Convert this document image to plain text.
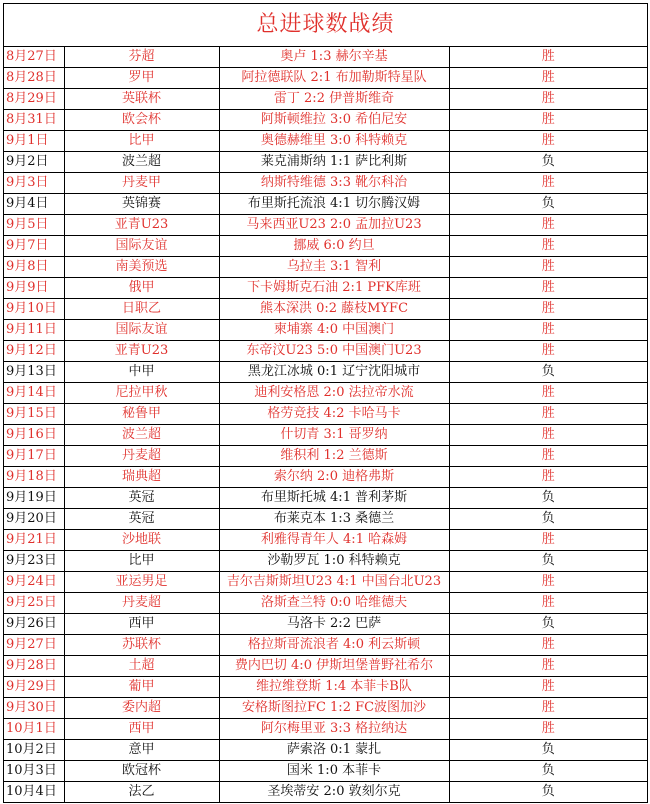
总进球数战绩
8月27日	芬超	奥卢 1:3 赫尔辛基	胜
8月28日	罗甲	阿拉德联队 2:1 布加勒斯特星队	胜
8月29日	英联杯	雷丁 2:2 伊普斯维奇	胜
8月31日	欧会杯	阿斯顿维拉 3:0 希伯尼安	胜
9月1日	比甲	奥德赫维里 3:0 科特赖克	胜
9月2日	波兰超	莱克浦斯纳 1:1 萨比利斯	负
9月3日	丹麦甲	纳斯特维德 3:3 靴尔科治	胜
9月4日	英锦赛	布里斯托流浪 4:1 切尔腾汉姆	负
9月5日	亚青U23	马来西亚U23 2:0 孟加拉U23	胜
9月7日	国际友谊	挪威 6:0 约旦	胜
9月8日	南美预选	乌拉圭 3:1 智利	胜
9月9日	俄甲	下卡姆斯克石油 2:1 PFK库班	胜
9月10日	日职乙	熊本深洪 0:2 藤枝MYFC	胜
9月11日	国际友谊	柬埔寨 4:0 中国澳门	胜
9月12日	亚青U23	东帝汶U23 5:0 中国澳门U23	胜
9月13日	中甲	黑龙江冰城 0:1 辽宁沈阳城市	负
9月14日	尼拉甲秋	迪利安格恩 2:0 法拉帝水流	胜
9月15日	秘鲁甲	格劳竞技 4:2 卡哈马卡	胜
9月16日	波兰超	什切青 3:1 哥罗纳	胜
9月17日	丹麦超	维积利 1:2 兰德斯	胜
9月18日	瑞典超	索尔纳 2:0 迪格弗斯	胜
9月19日	英冠	布里斯托城 4:1 普利茅斯	负
9月20日	英冠	布莱克本 1:3 桑德兰	负
9月21日	沙地联	利雅得青年人 4:1 哈森姆	胜
9月23日	比甲	沙勒罗瓦 1:0 科特赖克	负
9月24日	亚运男足	吉尔吉斯斯坦U23 4:1 中国台北U23	胜
9月25日	丹麦超	洛斯查兰特 0:0 哈维德夫	胜
9月26日	西甲	马洛卡 2:2 巴萨	负
9月27日	苏联杯	格拉斯哥流浪者 4:0 利云斯顿	胜
9月28日	土超	费内巴切 4:0 伊斯坦堡普野社希尔	胜
9月29日	葡甲	维拉维登斯 1:4 本菲卡B队	胜
9月30日	委内超	安格斯图拉FC 1:2 FC波图加沙	胜
10月1日	西甲	阿尔梅里亚 3:3 格拉纳达	胜
10月2日	意甲	萨索洛 0:1 蒙扎	负
10月3日	欧冠杯	国米 1:0 本菲卡	负
10月4日	法乙	圣埃蒂安 2:0 敦刻尔克	负
